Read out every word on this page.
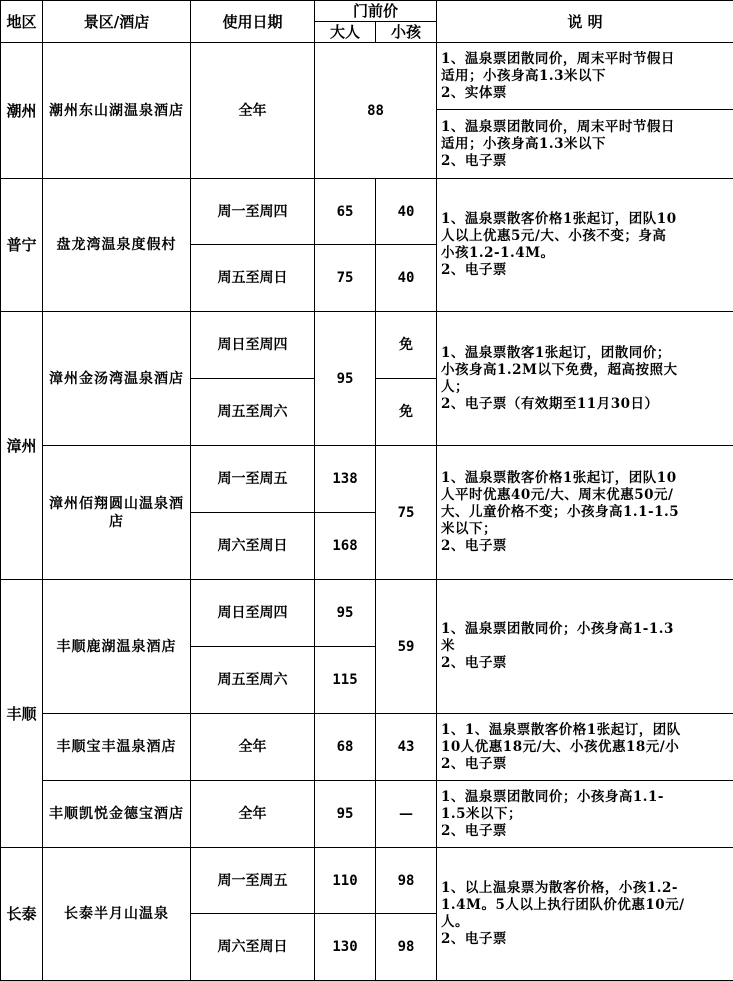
地区	景区/酒店	使用日期	门前价		说 明
			大人	小孩	
潮州	潮州东山湖温泉酒店	全年	88		1、温泉票团散同价，周末平时节假日
适用；小孩身高1.3米以下
2、实体票

					1、温泉票团散同价，周末平时节假日
适用；小孩身高1.3米以下
2、电子票

普宁	盘龙湾温泉度假村	周一至周四	65	40	1、温泉票散客价格1张起订，团队10
人以上优惠5元/大、小孩不变；身高
小孩1.2-1.4M。
2、电子票

		周五至周日	75	40	
漳州	漳州金汤湾温泉酒店	周日至周四	95	免	1、温泉票散客1张起订，团散同价；
小孩身高1.2M以下免费，超高按照大
人；
2、电子票（有效期至11月30日）

		周五至周六		免	
	漳州佰翔圆山温泉酒店	周一至周五	138	75	1、温泉票散客价格1张起订，团队10
人平时优惠40元/大、周末优惠50元/
大、儿童价格不变；小孩身高1.1-1.5
米以下；
2、电子票

		周六至周日	168		
丰顺	丰顺鹿湖温泉酒店	周日至周四	95	59	1、温泉票团散同价；小孩身高1-1.3
米
2、电子票

		周五至周六	115		
	丰顺宝丰温泉酒店	全年	68	43	1、1、温泉票散客价格1张起订，团队
10人优惠18元/大、小孩优惠18元/小
2、电子票

	丰顺凯悦金德宝酒店	全年	95	—	1、温泉票团散同价；小孩身高1.1-
1.5米以下；
2、电子票

长泰	长泰半月山温泉	周一至周五	110	98	1、以上温泉票为散客价格，小孩1.2-
1.4M。5人以上执行团队价优惠10元/
人。
2、电子票

		周六至周日	130	98	
